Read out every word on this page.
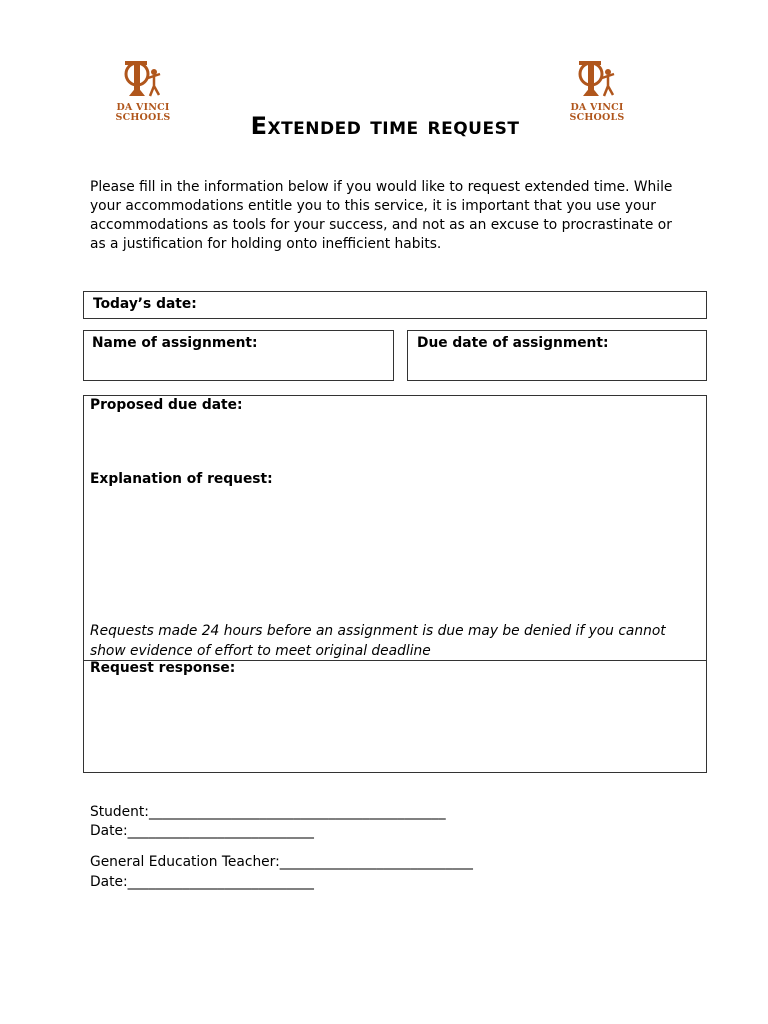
DA VINCI
SCHOOLS
DA VINCI
SCHOOLS
Extended time request
Please fill in the information below if you would like to request extended time. While
your accommodations entitle you to this service, it is important that you use your
accommodations as tools for your success, and not as an excuse to procrastinate or
as a justification for holding onto inefficient habits.
Today’s date:
Name of assignment:	Due date of assignment:
Proposed due date:
Explanation of request:
Requests made 24 hours before an assignment is due may be denied if you cannot
show evidence of effort to meet original deadline
Request response:
Student:___________________________________________
Date:___________________________
General Education Teacher:____________________________
Date:___________________________
